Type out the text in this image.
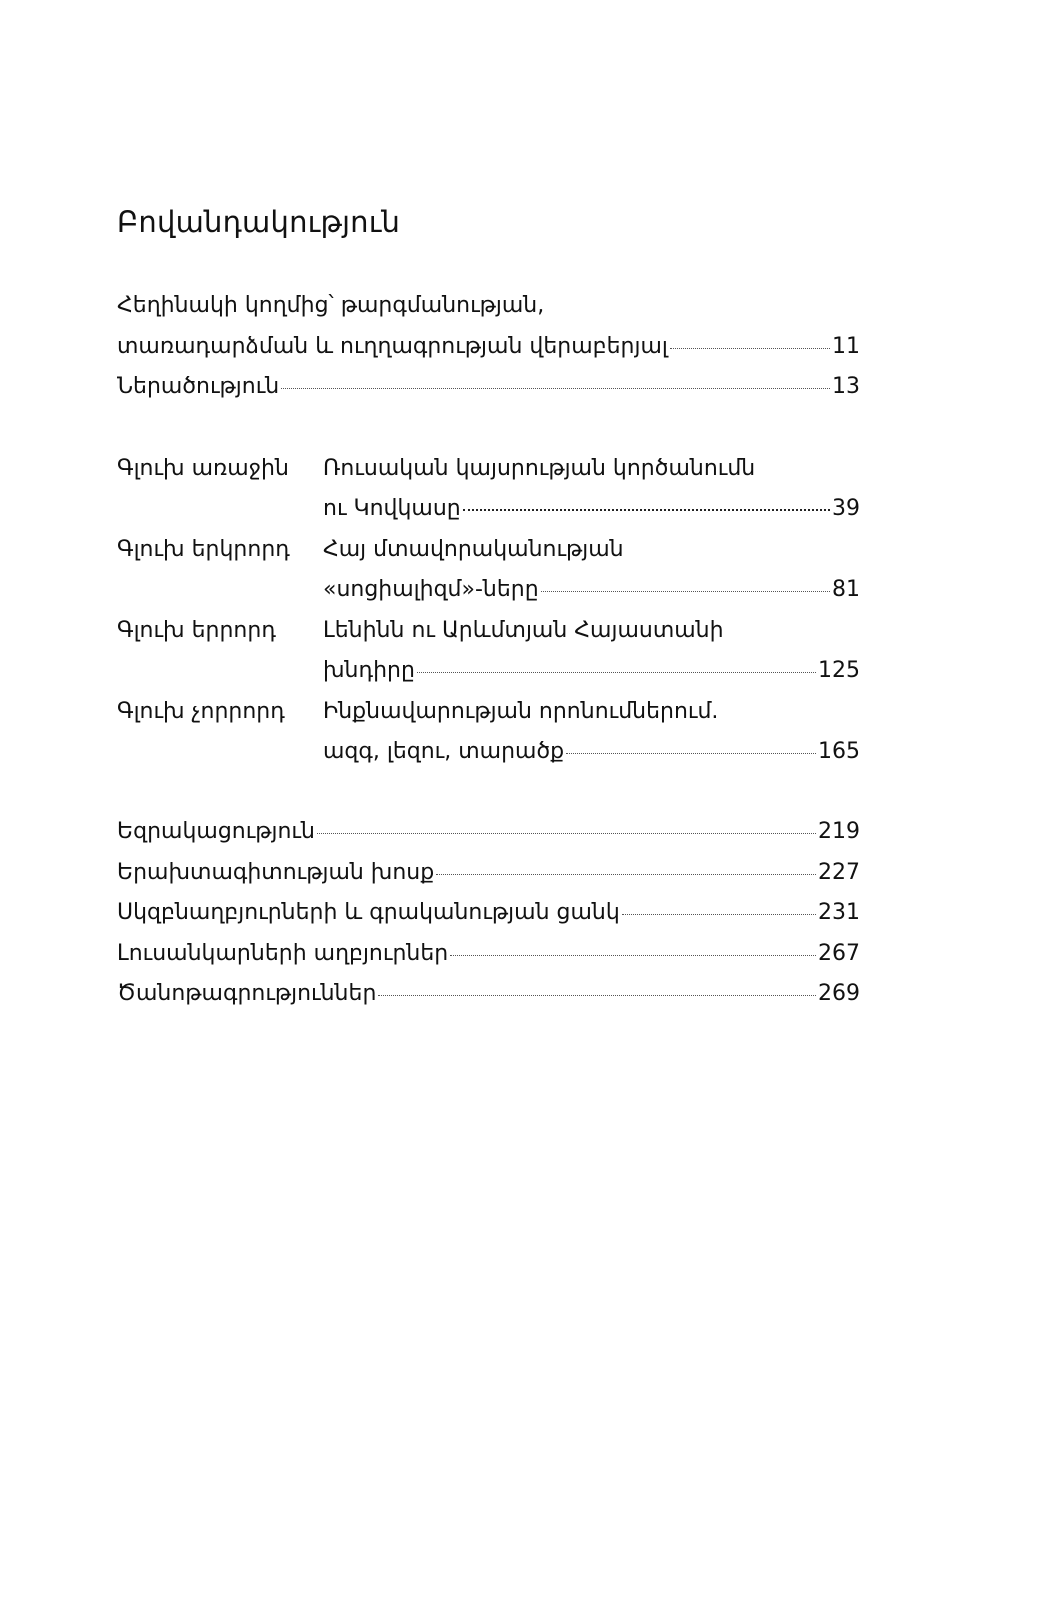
Բովանդակություն
Հեղինակի կողմից՝ թարգմանության,
տառադարձման և ուղղագրության վերաբերյալ	11
Ներածություն	13
Գլուխ առաջին Ռուսական կայսրության կործանումն
ու Կովկասը	39
Գլուխ երկրորդ Հայ մտավորականության
«սոցիալիզմ»-ները	81
Գլուխ երրորդ Լենինն ու Արևմտյան Հայաստանի
խնդիրը	125
Գլուխ չորրորդ Ինքնավարության որոնումներում.
ազգ, լեզու, տարածք	165
Եզրակացություն	219
Երախտագիտության խոսք	227
Սկզբնաղբյուրների և գրականության ցանկ	231
Լուսանկարների աղբյուրներ	267
Ծանոթագրություններ	269
